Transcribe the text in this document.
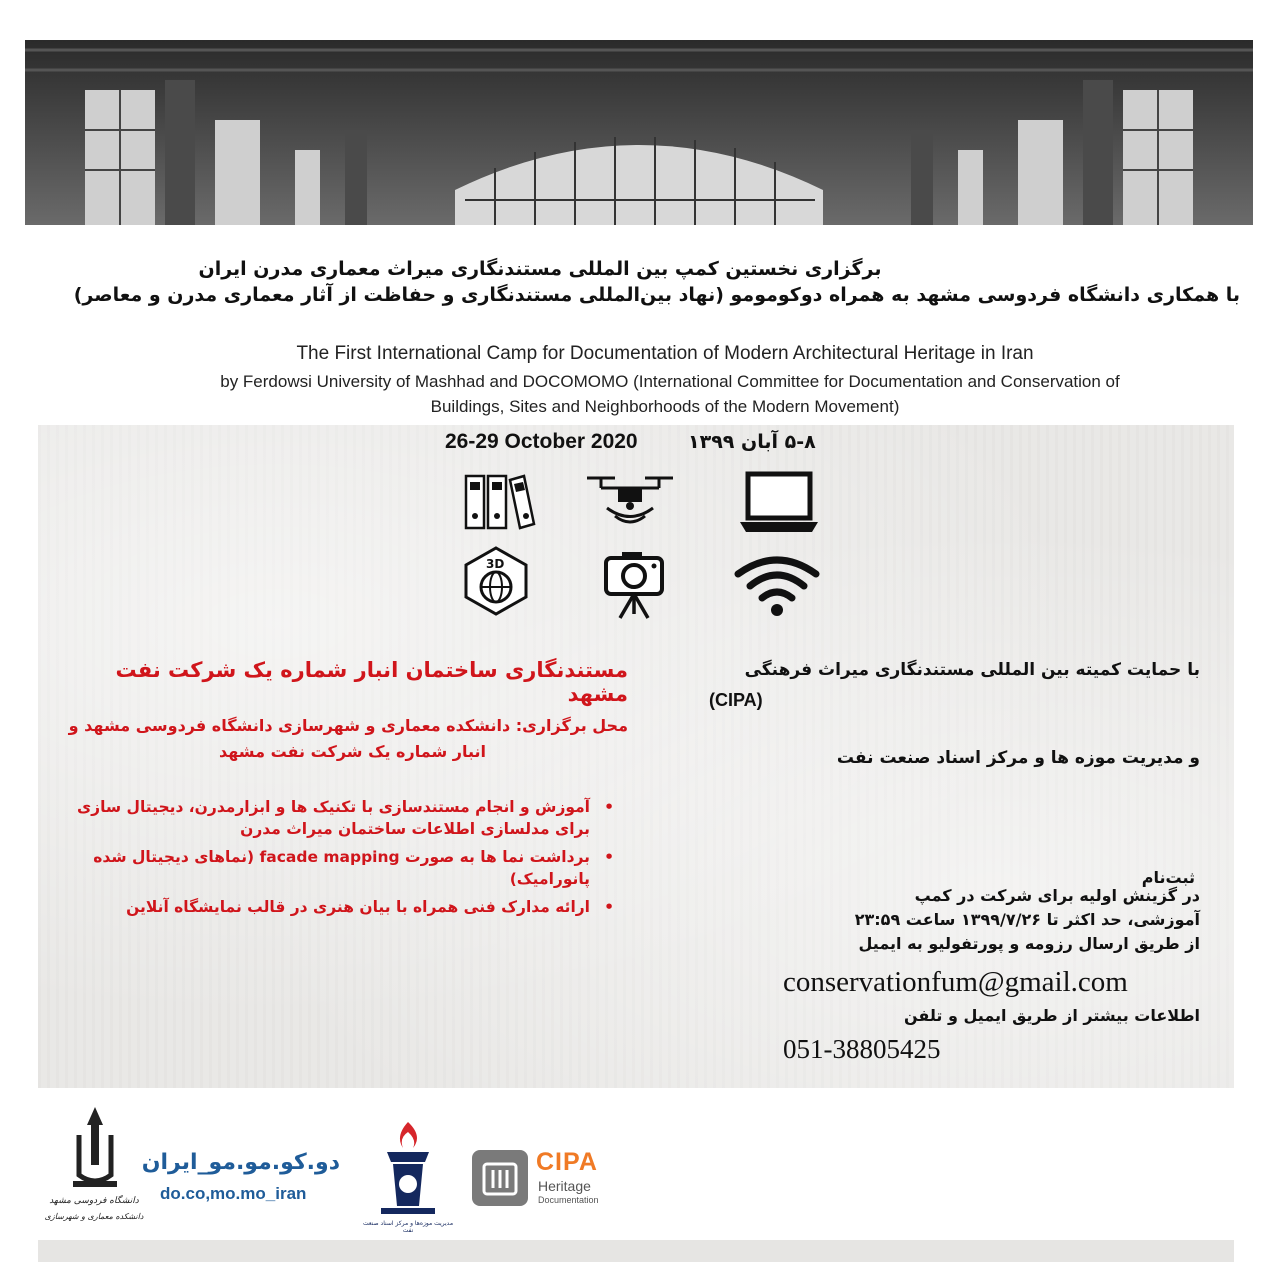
برگزاری نخستین کمپ بین المللی مستندنگاری میراث معماری مدرن ایران
با همکاری دانشگاه فردوسی مشهد به همراه دوکومومو (نهاد بین‌المللی مستندنگاری و حفاظت از آثار معماری مدرن و معاصر)
The First International Camp for Documentation of Modern Architectural Heritage in Iran
by Ferdowsi University of Mashhad and DOCOMOMO (International Committee for Documentation and Conservation of
Buildings, Sites and Neighborhoods of the Modern Movement)
26-29 October 2020	۵-۸ آبان ۱۳۹۹
3D
مستندنگاری ساختمان انبار شماره یک شرکت نفت مشهد
محل برگزاری: دانشکده معماری و شهرسازی دانشگاه فردوسی مشهد و
انبار شماره یک شرکت نفت مشهد
• آموزش و انجام مستندسازی با تکنیک ها و ابزارمدرن، دیجیتال سازی برای مدلسازی اطلاعات ساختمان میراث مدرن
• برداشت نما ها به صورت facade mapping (نماهای دیجیتال شده پانورامیک)
• ارائه مدارک فنی همراه با بیان هنری در قالب نمایشگاه آنلاین
با حمایت کمیته بین المللی مستندنگاری میراث فرهنگی
(CIPA)
و مدیریت موزه ها و مرکز اسناد صنعت نفت
ثبت‌نام
در گزینش اولیه برای شرکت در کمپ
آموزشی، حد اکثر تا ۱۳۹۹/۷/۲۶ ساعت ۲۳:۵۹
از طریق ارسال رزومه و پورتفولیو به ایمیل
conservationfum@gmail.com
اطلاعات بیشتر از طریق ایمیل و تلفن
051-38805425
دانشگاه فردوسی مشهد
دانشکده معماری و شهرسازی
دو.کو.مو.مو_ایران
do.co,mo.mo_iran
مدیریت موزه‌ها و مرکز اسناد صنعت نفت
CIPA
Heritage
Documentation
